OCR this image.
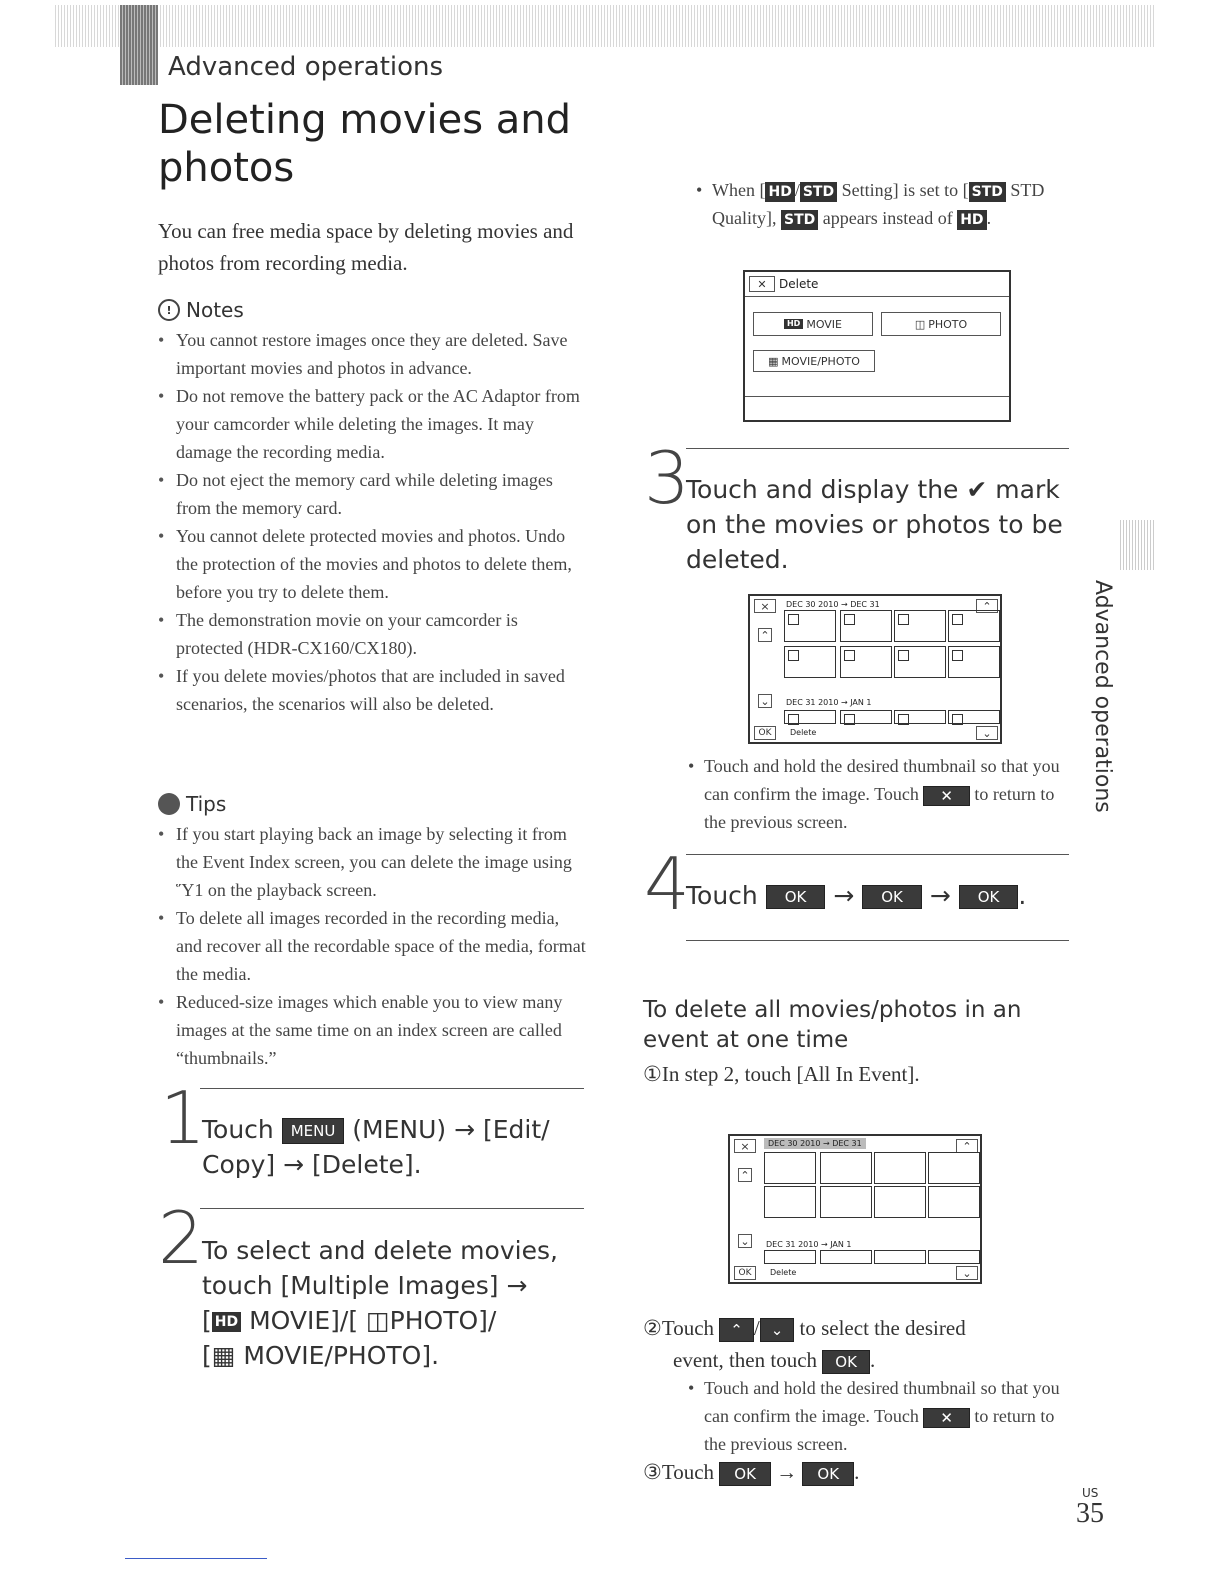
Advanced operations
Deleting movies and photos
You can free media space by deleting movies and photos from recording media.
! Notes
• You cannot restore images once they are deleted. Save important movies and photos in advance.
• Do not remove the battery pack or the AC Adaptor from your camcorder while deleting the images. It may damage the recording media.
• Do not eject the memory card while deleting images from the memory card.
• You cannot delete protected movies and photos. Undo the protection of the movies and photos to delete them, before you try to delete them.
• The demonstration movie on your camcorder is protected (HDR-CX160/CX180).
• If you delete movies/photos that are included in saved scenarios, the scenarios will also be deleted.
Tips
• If you start playing back an image by selecting it from the Event Index screen, you can delete the image using Ὕ1 on the playback screen.
• To delete all images recorded in the recording media, and recover all the recordable space of the media, format the media.
• Reduced-size images which enable you to view many images at the same time on an index screen are called “thumbnails.”
1
Touch MENU (MENU) → [Edit/ Copy] → [Delete].
2
To select and delete movies,
touch [Multiple Images] →
[ HD MOVIE]/[ ◫PHOTO]/
[▦ MOVIE/PHOTO].
• When [ HD / STD Setting] is set to [ STD STD Quality], STD appears instead of HD .
✕	Delete
HD MOVIE	◫ PHOTO
▦ MOVIE/PHOTO
3
Touch and display the ✔ mark on the movies or photos to be deleted.
×	DEC 30 2010 → DEC 31	⌃
⌃
⌄ DEC 31 2010 → JAN 1
OK	Delete	⌄
• Touch and hold the desired thumbnail so that you can confirm the image. Touch ✕ to return to the previous screen.
4
Touch OK → OK → OK .
To delete all movies/photos in an event at one time
①In step 2, touch [All In Event].
×	DEC 30 2010 → DEC 31	⌃
⌃
⌄ DEC 31 2010 → JAN 1
OK	Delete	⌄
②Touch ⌃ / ⌄ to select the desired
event, then touch OK .
• Touch and hold the desired thumbnail so that you can confirm the image. Touch ✕ to return to the previous screen.
③Touch OK → OK .
Advanced operations
US
35
